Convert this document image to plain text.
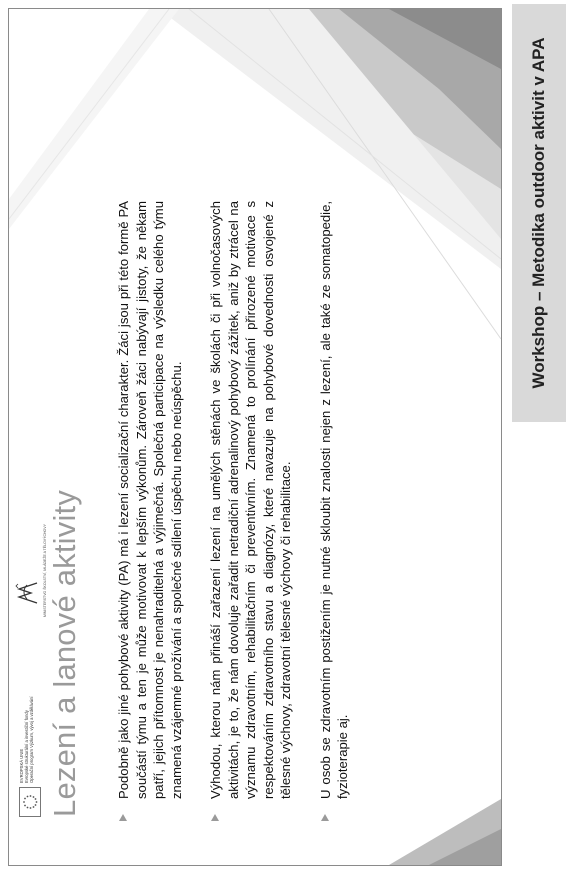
EVROPSKÁ UNIE Evropské strukturální a investiční fondy Operační program Výzkum, vývoj a vzdělávání
MINISTERSTVO ŠKOLSTVÍ, MLÁDEŽE A TĚLOVÝCHOVY Lezení a lanové aktivity	Podobně jako jiné pohybové aktivity (PA) má i lezení socializační charakter. Žáci jsou při této formě PA součástí týmu a ten je může motivovat k lepším výkonům. Zároveň žáci nabývají jistoty, že někam patří, jejich přítomnost je nenahraditelná a výjimečná. Společná participace na výsledku celého týmu znamená vzájemné prožívání a společné sdílení úspěchu nebo neúspěchu. Výhodou, kterou nám přináší zařazení lezení na umělých stěnách ve školách či při volnočasových aktivitách, je to, že nám dovoluje zařadit netradiční adrenalinový pohybový zážitek, aniž by ztrácel na významu zdravotním, rehabilitačním či preventivním. Znamená to prolínání přirozené motivace s respektováním zdravotního stavu a diagnózy, které navazuje na pohybové dovednosti osvojené z tělesné výchovy, zdravotní tělesné výchovy či rehabilitace. U osob se zdravotním postižením je nutné skloubit znalosti nejen z lezení, ale také ze somatopedie, fyzioterapie aj.
Workshop – Metodika outdoor aktivit v APA
